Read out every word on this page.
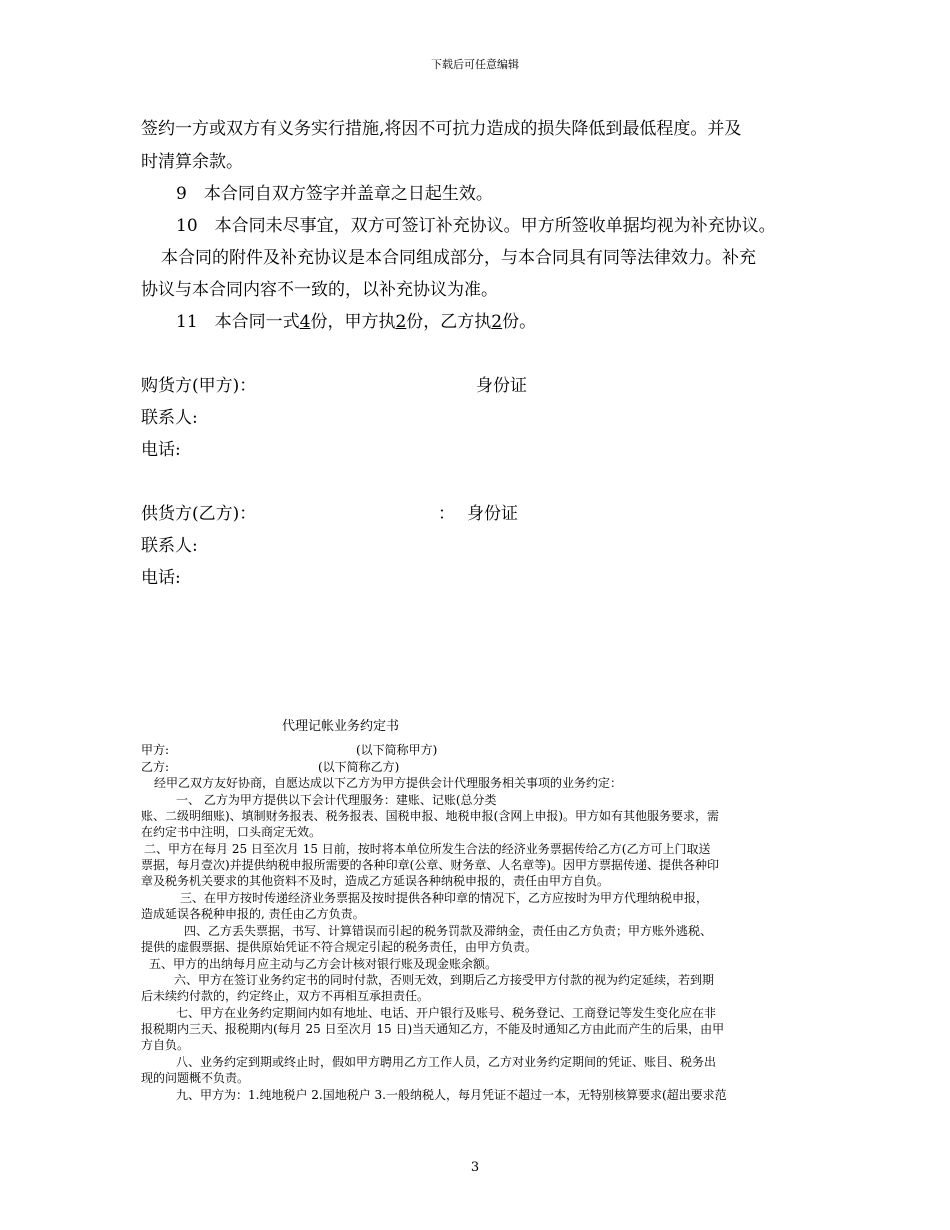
下载后可任意编辑
签约一方或双方有义务实行措施,将因不可抗力造成的损失降低到最低程度。并及
时清算余款。
9　本合同自双方签字并盖章之日起生效。
10　本合同未尽事宜，双方可签订补充协议。甲方所签收单据均视为补充协议。
本合同的附件及补充协议是本合同组成部分，与本合同具有同等法律效力。补充
协议与本合同内容不一致的，以补充协议为准。
11　本合同一式4份，甲方执2份，乙方执2份。
购货方(甲方)：	身份证
联系人:
电话:
供货方(乙方)：	： 身份证
联系人:
电话:
代理记帐业务约定书
甲方:	(以下简称甲方)
乙方:	(以下简称乙方)
经甲乙双方友好协商，自愿达成以下乙方为甲方提供会计代理服务相关事项的业务约定：
一、 乙方为甲方提供以下会计代理服务：建账、记账(总分类
账、二级明细账)、填制财务报表、税务报表、国税申报、地税申报(含网上申报)。甲方如有其他服务要求，需
在约定书中注明，口头商定无效。
二、甲方在每月 25 日至次月 15 日前，按时将本单位所发生合法的经济业务票据传给乙方(乙方可上门取送
票据，每月壹次)并提供纳税申报所需要的各种印章(公章、财务章、人名章等)。因甲方票据传递、提供各种印
章及税务机关要求的其他资料不及时，造成乙方延误各种纳税申报的，责任由甲方自负。
三、在甲方按时传递经济业务票据及按时提供各种印章的情况下，乙方应按时为甲方代理纳税申报，
造成延误各税种申报的, 责任由乙方负责。
四、乙方丢失票据，书写、计算错误而引起的税务罚款及滞纳金，责任由乙方负责；甲方账外逃税、
提供的虚假票据、提供原始凭证不符合规定引起的税务责任，由甲方负责。
五、甲方的出纳每月应主动与乙方会计核对银行账及现金账余额。
六、甲方在签订业务约定书的同时付款，否则无效，到期后乙方接受甲方付款的视为约定延续，若到期
后未续约付款的，约定终止，双方不再相互承担责任。
七、甲方在业务约定期间内如有地址、电话、开户银行及账号、税务登记、工商登记等发生变化应在非
报税期内三天、报税期内(每月 25 日至次月 15 日)当天通知乙方，不能及时通知乙方由此而产生的后果，由甲
方自负。
八、业务约定到期或终止时，假如甲方聘用乙方工作人员，乙方对业务约定期间的凭证、账目、税务出
现的问题概不负责。
九、甲方为：1.纯地税户 2.国地税户 3.一般纳税人，每月凭证不超过一本，无特别核算要求(超出要求范
3
